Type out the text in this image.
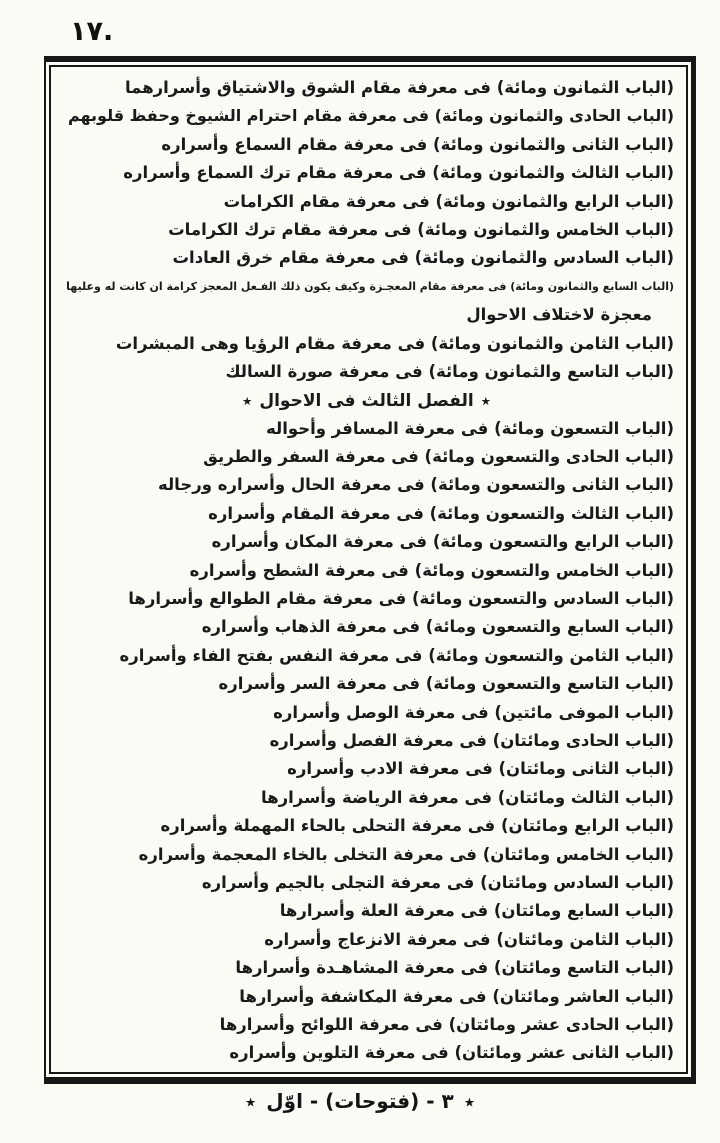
١٧.
(الباب الثمانون ومائة) فى معرفة مقام الشوق والاشتياق وأسرارهما
(الباب الحادى والثمانون ومائة) فى معرفة مقام احترام الشيوخ وحفظ قلوبهم
(الباب الثانى والثمانون ومائة) فى معرفة مقام السماع وأسراره
(الباب الثالث والثمانون ومائة) فى معرفة مقام ترك السماع وأسراره
(الباب الرابع والثمانون ومائة) فى معرفة مقام الكرامات
(الباب الخامس والثمانون ومائة) فى معرفة مقام ترك الكرامات
(الباب السادس والثمانون ومائة) فى معرفة مقام خرق العادات
(الباب السابع والثمانون ومائة) فى معرفة مقام المعجـزة وكيف يكون ذلك الفـعل المعجز كرامة ان كانت له وعليها
معجزة لاختلاف الاحوال
(الباب الثامن والثمانون ومائة) فى معرفة مقام الرؤيا وهى المبشرات
(الباب التاسع والثمانون ومائة) فى معرفة صورة السالك
٭الفصل الثالث فى الاحوال٭
(الباب التسعون ومائة) فى معرفة المسافر وأحواله
(الباب الحادى والتسعون ومائة) فى معرفة السفر والطريق
(الباب الثانى والتسعون ومائة) فى معرفة الحال وأسراره ورجاله
(الباب الثالث والتسعون ومائة) فى معرفة المقام وأسراره
(الباب الرابع والتسعون ومائة) فى معرفة المكان وأسراره
(الباب الخامس والتسعون ومائة) فى معرفة الشطح وأسراره
(الباب السادس والتسعون ومائة) فى معرفة مقام الطوالع وأسرارها
(الباب السابع والتسعون ومائة) فى معرفة الذهاب وأسراره
(الباب الثامن والتسعون ومائة) فى معرفة النفس بفتح الفاء وأسراره
(الباب التاسع والتسعون ومائة) فى معرفة السر وأسراره
(الباب الموفى مائتين) فى معرفة الوصل وأسراره
(الباب الحادى ومائتان) فى معرفة الفصل وأسراره
(الباب الثانى ومائتان) فى معرفة الادب وأسراره
(الباب الثالث ومائتان) فى معرفة الرياضة وأسرارها
(الباب الرابع ومائتان) فى معرفة التحلى بالحاء المهملة وأسراره
(الباب الخامس ومائتان) فى معرفة التخلى بالخاء المعجمة وأسراره
(الباب السادس ومائتان) فى معرفة التجلى بالجيم وأسراره
(الباب السابع ومائتان) فى معرفة العلة وأسرارها
(الباب الثامن ومائتان) فى معرفة الانزعاج وأسراره
(الباب التاسع ومائتان) فى معرفة المشاهـدة وأسرارها
(الباب العاشر ومائتان) فى معرفة المكاشفة وأسرارها
(الباب الحادى عشر ومائتان) فى معرفة اللوائح وأسرارها
(الباب الثانى عشر ومائتان) فى معرفة التلوين وأسراره
٭٣ - (فتوحات) - اوّل٭
